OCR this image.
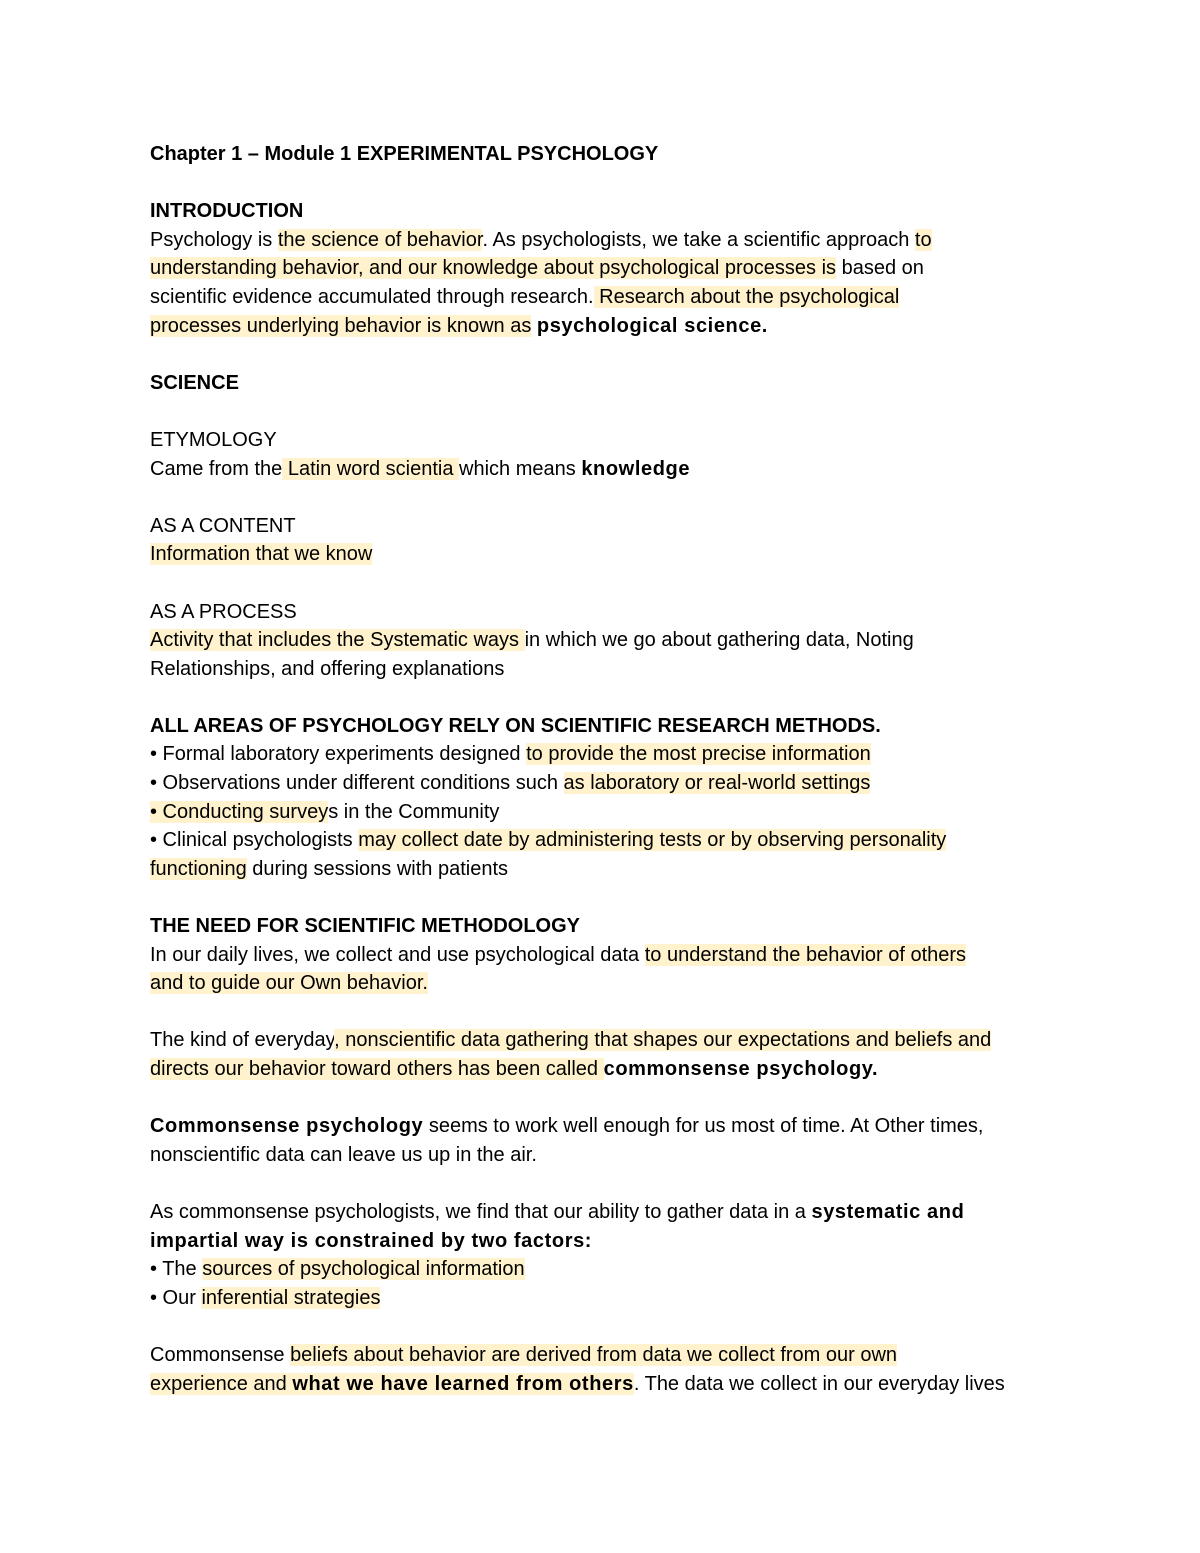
Chapter 1 – Module 1 EXPERIMENTAL PSYCHOLOGY
INTRODUCTION
Psychology is the science of behavior. As psychologists, we take a scientific approach to
understanding behavior, and our knowledge about psychological processes is based on
scientific evidence accumulated through research. Research about the psychological
processes underlying behavior is known as psychological science.
SCIENCE
ETYMOLOGY
Came from the Latin word scientia which means knowledge
AS A CONTENT
Information that we know
AS A PROCESS
Activity that includes the Systematic ways in which we go about gathering data, Noting
Relationships, and offering explanations
ALL AREAS OF PSYCHOLOGY RELY ON SCIENTIFIC RESEARCH METHODS.
• Formal laboratory experiments designed to provide the most precise information
• Observations under different conditions such as laboratory or real-world settings
• Conducting surveys in the Community
• Clinical psychologists may collect date by administering tests or by observing personality
functioning during sessions with patients
THE NEED FOR SCIENTIFIC METHODOLOGY
In our daily lives, we collect and use psychological data to understand the behavior of others
and to guide our Own behavior.
The kind of everyday, nonscientific data gathering that shapes our expectations and beliefs and
directs our behavior toward others has been called commonsense psychology.
Commonsense psychology seems to work well enough for us most of time. At Other times,
nonscientific data can leave us up in the air.
As commonsense psychologists, we find that our ability to gather data in a systematic and
impartial way is constrained by two factors:
• The sources of psychological information
• Our inferential strategies
Commonsense beliefs about behavior are derived from data we collect from our own
experience and what we have learned from others. The data we collect in our everyday lives
